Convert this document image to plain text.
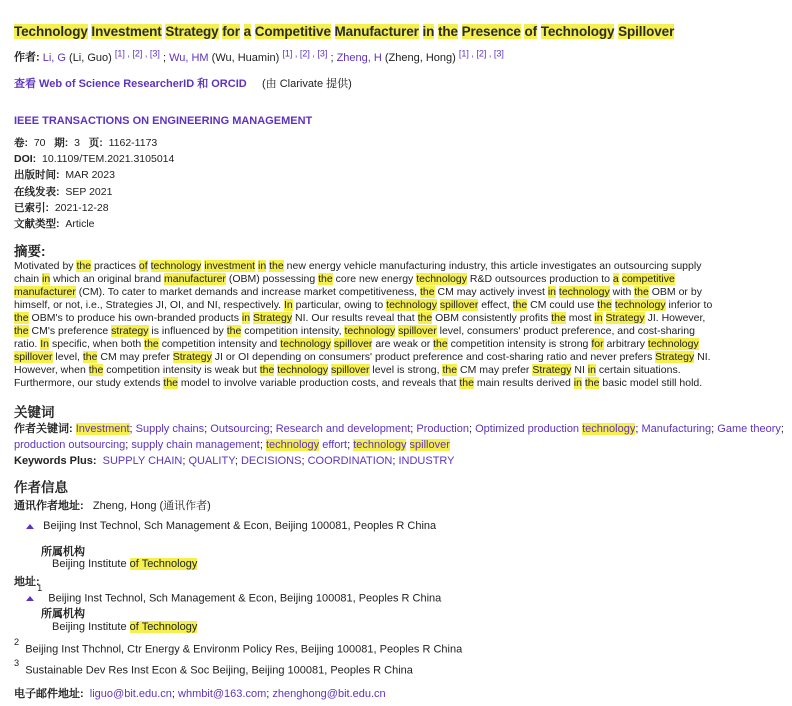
Technology Investment Strategy for a Competitive Manufacturer in the Presence of Technology Spillover
作者: Li, G (Li, Guo) [1] , [2] , [3] ; Wu, HM (Wu, Huamin) [1] , [2] , [3] ; Zheng, H (Zheng, Hong) [1] , [2] , [3]
查看 Web of Science ResearcherID 和 ORCID (由 Clarivate 提供)
IEEE TRANSACTIONS ON ENGINEERING MANAGEMENT
卷: 70 期: 3 页: 1162-1173
DOI: 10.1109/TEM.2021.3105014
出版时间: MAR 2023
在线发表: SEP 2021
已索引: 2021-12-28
文献类型: Article
摘要:
Motivated by the practices of technology investment in the new energy vehicle manufacturing industry, this article investigates an outsourcing supply
chain in which an original brand manufacturer (OBM) possessing the core new energy technology R&D outsources production to a competitive
manufacturer (CM). To cater to market demands and increase market competitiveness, the CM may actively invest in technology with the OBM or by
himself, or not, i.e., Strategies JI, OI, and NI, respectively. In particular, owing to technology spillover effect, the CM could use the technology inferior to
the OBM's to produce his own-branded products in Strategy NI. Our results reveal that the OBM consistently profits the most in Strategy JI. However,
the CM's preference strategy is influenced by the competition intensity, technology spillover level, consumers' product preference, and cost-sharing
ratio. In specific, when both the competition intensity and technology spillover are weak or the competition intensity is strong for arbitrary technology
spillover level, the CM may prefer Strategy JI or OI depending on consumers' product preference and cost-sharing ratio and never prefers Strategy NI.
However, when the competition intensity is weak but the technology spillover level is strong, the CM may prefer Strategy NI in certain situations.
Furthermore, our study extends the model to involve variable production costs, and reveals that the main results derived in the basic model still hold.
关键词
作者关键词: Investment; Supply chains; Outsourcing; Research and development; Production; Optimized production technology; Manufacturing; Game theory; production outsourcing; supply chain management; technology effort; technology spillover
Keywords Plus: SUPPLY CHAIN; QUALITY; DECISIONS; COORDINATION; INDUSTRY
作者信息
通讯作者地址: Zheng, Hong (通讯作者)
Beijing Inst Technol, Sch Management & Econ, Beijing 100081, Peoples R China
所属机构
Beijing Institute of Technology
地址:
$^1$  Beijing Inst Technol, Sch Management & Econ, Beijing 100081, Peoples R China
所属机构
Beijing Institute of Technology
$^2$  Beijing Inst Thchnol, Ctr Energy & Environm Policy Res, Beijing 100081, Peoples R China
$^3$  Sustainable Dev Res Inst Econ & Soc Beijing, Beijing 100081, Peoples R China
电子邮件地址: liguo@bit.edu.cn; whmbit@163.com; zhenghong@bit.edu.cn
